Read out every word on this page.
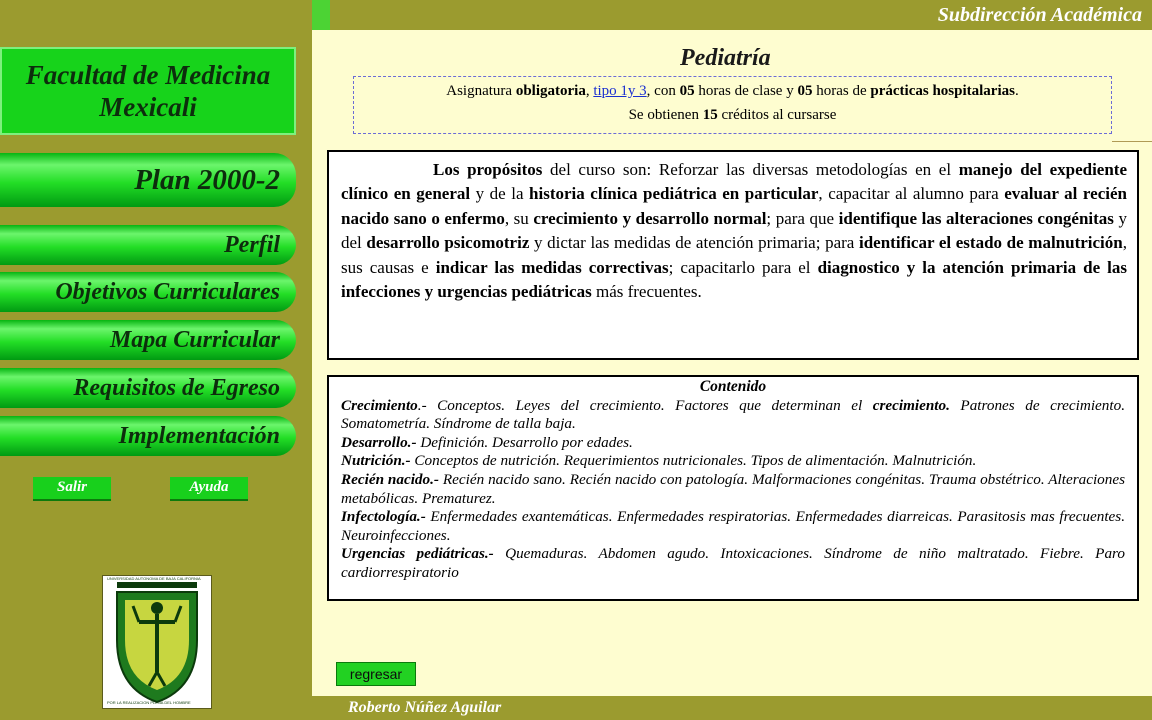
Subdirección Académica
Roberto Núñez Aguilar
Facultad de Medicina
Mexicali
Plan 2000-2
Perfil
Objetivos Curriculares
Mapa Curricular
Requisitos de Egreso
Implementación
Salir	Ayuda
UNIVERSIDAD AUTONOMA DE BAJA CALIFORNIA
POR LA REALIZACION PLENA DEL HOMBRE
Pediatría
Asignatura obligatoria, tipo 1y 3, con 05 horas de clase y 05 horas de prácticas hospitalarias.
Se obtienen 15 créditos al cursarse
Los propósitos del curso son: Reforzar las diversas metodologías en el manejo del expediente clínico en general y de la historia clínica pediátrica en particular, capacitar al alumno para evaluar al recién nacido sano o enfermo, su crecimiento y desarrollo normal; para que identifique las alteraciones congénitas y del desarrollo psicomotriz y dictar las medidas de atención primaria; para identificar el estado de malnutrición, sus causas e indicar las medidas correctivas; capacitarlo para el diagnostico y la atención primaria de las infecciones y urgencias pediátricas más frecuentes.
Contenido
Crecimiento.- Conceptos. Leyes del crecimiento. Factores que determinan el crecimiento. Patrones de crecimiento. Somatometría. Síndrome de talla baja.
Desarrollo.- Definición. Desarrollo por edades.
Nutrición.- Conceptos de nutrición. Requerimientos nutricionales. Tipos de alimentación. Malnutrición.
Recién nacido.- Recién nacido sano. Recién nacido con patología. Malformaciones congénitas. Trauma obstétrico. Alteraciones metabólicas. Prematurez.
Infectología.- Enfermedades exantemáticas. Enfermedades respiratorias. Enfermedades diarreicas. Parasitosis mas frecuentes. Neuroinfecciones.
Urgencias pediátricas.- Quemaduras. Abdomen agudo. Intoxicaciones. Síndrome de niño maltratado. Fiebre. Paro cardiorrespiratorio
regresar
